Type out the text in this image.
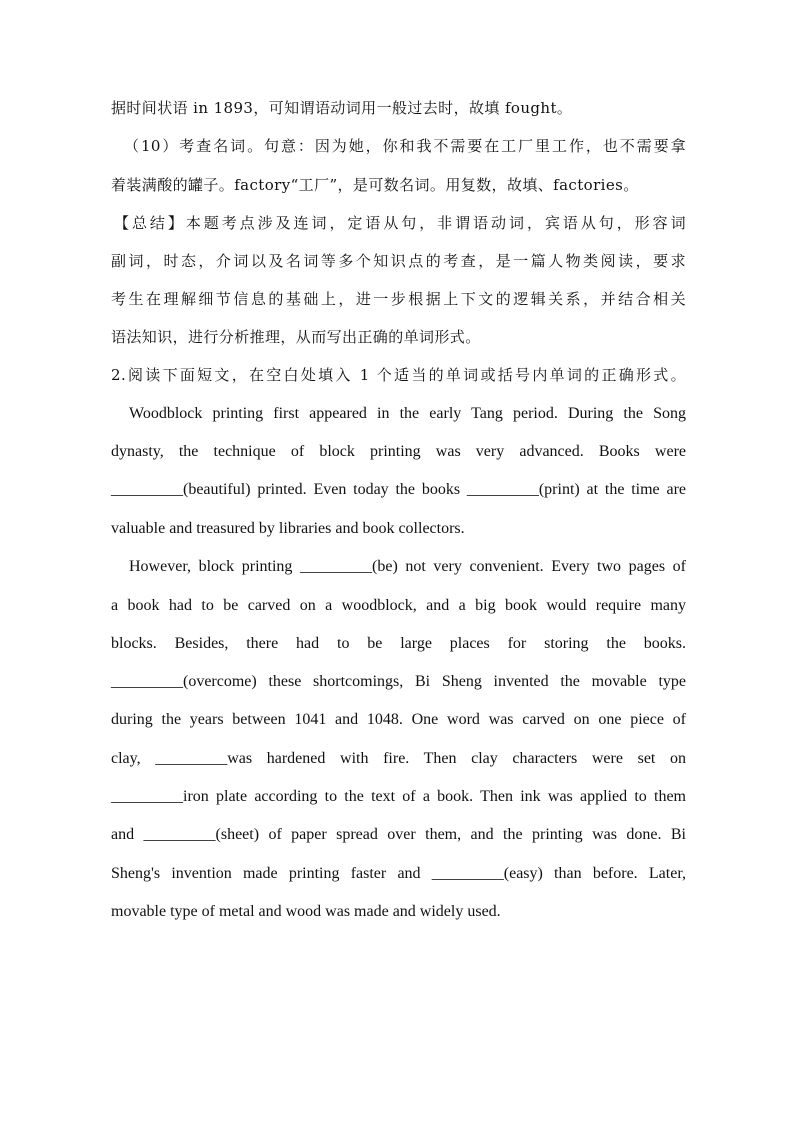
据时间状语 in 1893，可知谓语动词用一般过去时，故填 fought。
（10）考查名词。句意：因为她，你和我不需要在工厂里工作，也不需要拿
着装满酸的罐子。factory“工厂”，是可数名词。用复数，故填、factories。
【总结】本题考点涉及连词，定语从句，非谓语动词，宾语从句，形容词
副词，时态，介词以及名词等多个知识点的考查，是一篇人物类阅读，要求
考生在理解细节信息的基础上，进一步根据上下文的逻辑关系，并结合相关
语法知识，进行分析推理，从而写出正确的单词形式。
2.阅读下面短文，在空白处填入 1 个适当的单词或括号内单词的正确形式。
Woodblock printing first appeared in the early Tang period. During the Song
dynasty, the technique of block printing was very advanced. Books were
_________(beautiful) printed. Even today the books _________(print) at the time are
valuable and treasured by libraries and book collectors.
However, block printing _________(be) not very convenient. Every two pages of
a book had to be carved on a woodblock, and a big book would require many
blocks. Besides, there had to be large places for storing the books.
_________(overcome) these shortcomings, Bi Sheng invented the movable type
during the years between 1041 and 1048. One word was carved on one piece of
clay, _________was hardened with fire. Then clay characters were set on
_________iron plate according to the text of a book. Then ink was applied to them
and _________(sheet) of paper spread over them, and the printing was done. Bi
Sheng's invention made printing faster and _________(easy) than before. Later,
movable type of metal and wood was made and widely used.
